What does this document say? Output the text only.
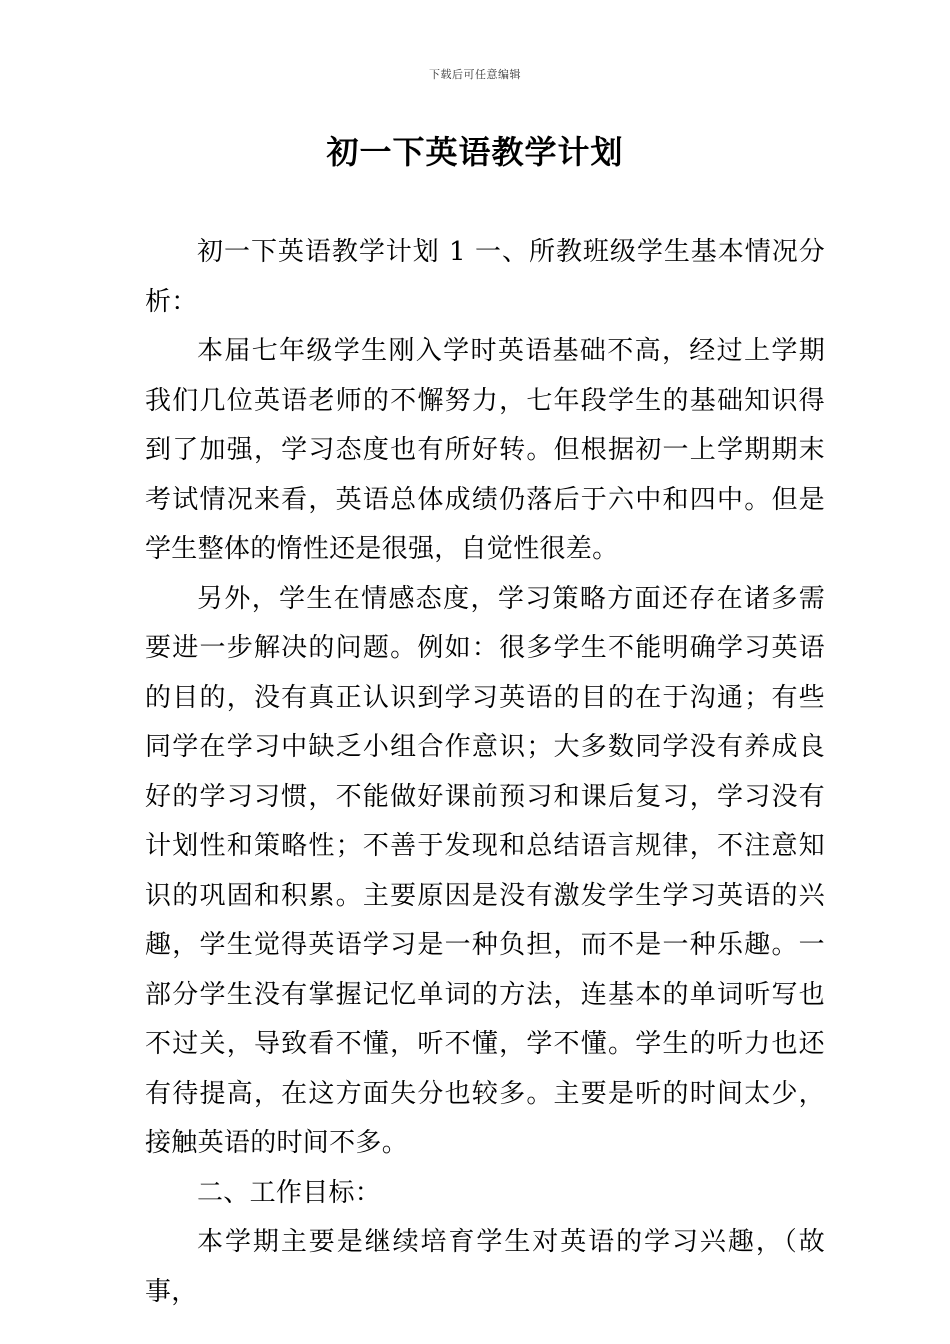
下载后可任意编辑
初一下英语教学计划

初一下英语教学计划 1 一、所教班级学生基本情况分析：

本届七年级学生刚入学时英语基础不高，经过上学期我们几位英语老师的不懈努力，七年段学生的基础知识得到了加强，学习态度也有所好转。但根据初一上学期期末考试情况来看，英语总体成绩仍落后于六中和四中。但是学生整体的惰性还是很强，自觉性很差。

另外，学生在情感态度，学习策略方面还存在诸多需要进一步解决的问题。例如：很多学生不能明确学习英语的目的，没有真正认识到学习英语的目的在于沟通；有些同学在学习中缺乏小组合作意识；大多数同学没有养成良好的学习习惯，不能做好课前预习和课后复习，学习没有计划性和策略性；不善于发现和总结语言规律，不注意知识的巩固和积累。主要原因是没有激发学生学习英语的兴趣，学生觉得英语学习是一种负担，而不是一种乐趣。一部分学生没有掌握记忆单词的方法，连基本的单词听写也不过关，导致看不懂，听不懂，学不懂。学生的听力也还有待提高，在这方面失分也较多。主要是听的时间太少，接触英语的时间不多。

二、工作目标：

本学期主要是继续培育学生对英语的学习兴趣，（故事，
